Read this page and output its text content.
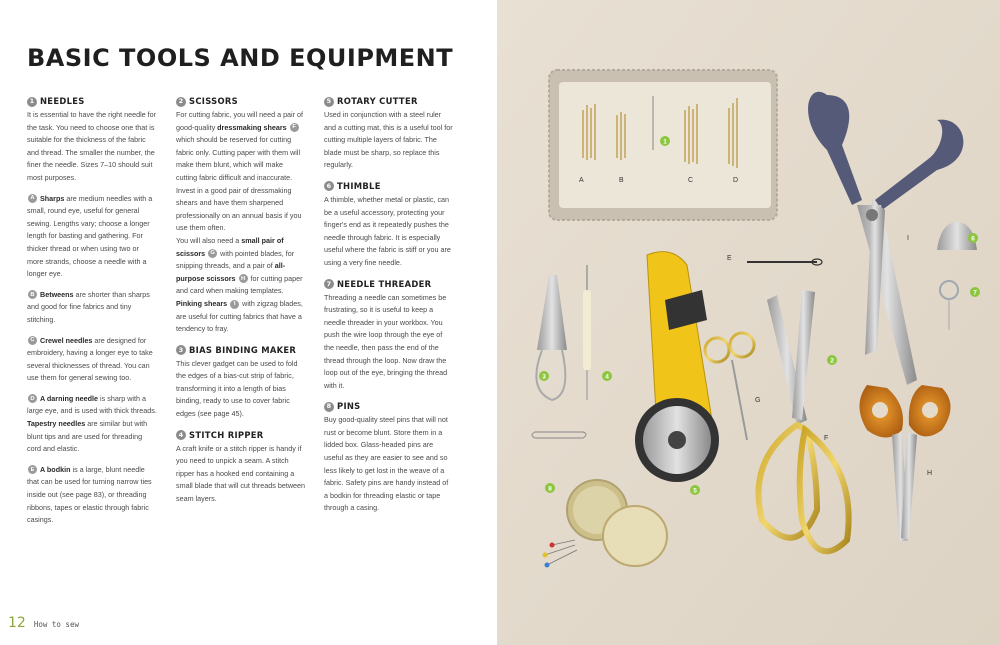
BASIC TOOLS AND EQUIPMENT
1 NEEDLES

It is essential to have the right needle for the task. You need to choose one that is suitable for the thickness of the fabric and thread. The smaller the number, the finer the needle. Sizes 7–10 should suit most purposes.

A Sharps are medium needles with a small, round eye, useful for general sewing. Lengths vary; choose a longer length for basting and gathering. For thicker thread or when using two or more strands, choose a needle with a longer eye.

B Betweens are shorter than sharps and good for fine fabrics and tiny stitching.

C Crewel needles are designed for embroidery, having a longer eye to take several thicknesses of thread. You can use them for general sewing too.

D A darning needle is sharp with a large eye, and is used with thick threads. Tapestry needles are similar but with blunt tips and are used for threading cord and elastic.

E A bodkin is a large, blunt needle that can be used for turning narrow ties inside out (see page 83), or threading ribbons, tapes or elastic through fabric casings.

2 SCISSORS

For cutting fabric, you will need a pair of good-quality dressmaking shears F which should be reserved for cutting fabric only. Cutting paper with them will make them blunt, which will make cutting fabric difficult and inaccurate. Invest in a good pair of dressmaking shears and have them sharpened professionally on an annual basis if you use them often.

You will also need a small pair of scissors G with pointed blades, for snipping threads, and a pair of all-purpose scissors H for cutting paper and card when making templates. Pinking shears I with zigzag blades, are useful for cutting fabrics that have a tendency to fray.

3 BIAS BINDING MAKER

This clever gadget can be used to fold the edges of a bias-cut strip of fabric, transforming it into a length of bias binding, ready to use to cover fabric edges (see page 45).

4 STITCH RIPPER

A craft knife or a stitch ripper is handy if you need to unpick a seam. A stitch ripper has a hooked end containing a small blade that will cut threads between seam layers.

5 ROTARY CUTTER

Used in conjunction with a steel ruler and a cutting mat, this is a useful tool for cutting multiple layers of fabric. The blade must be sharp, so replace this regularly.

6 THIMBLE

A thimble, whether metal or plastic, can be a useful accessory, protecting your finger's end as it repeatedly pushes the needle through fabric. It is especially useful where the fabric is stiff or you are using a very fine needle.

7 NEEDLE THREADER

Threading a needle can sometimes be frustrating, so it is useful to keep a needle threader in your workbox. You push the wire loop through the eye of the needle, then pass the end of the thread through the loop. Now draw the loop out of the eye, bringing the thread with it.

8 PINS

Buy good-quality steel pins that will not rust or become blunt. Store them in a lidded box. Glass-headed pins are useful as they are easier to see and so less likely to get lost in the weave of a fabric. Safety pins are handy instead of a bodkin for threading elastic or tape through a casing.

12 How to sew
1
A	B	C	D
I	6
7
E
5
3	4
8
G
2
F
H
